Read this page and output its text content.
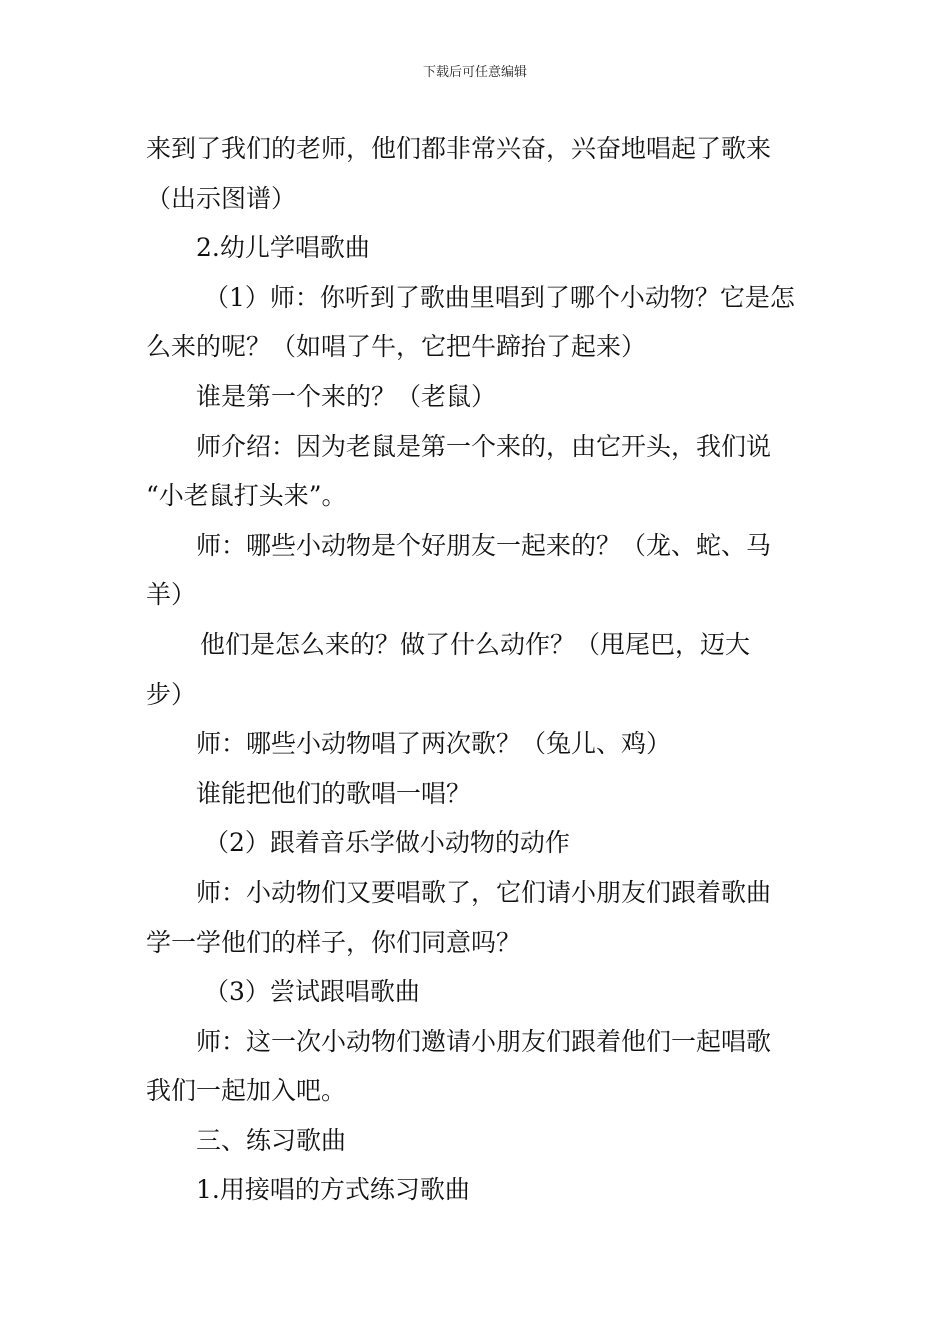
下载后可任意编辑
来到了我们的老师，他们都非常兴奋，兴奋地唱起了歌来
（出示图谱）
2.幼儿学唱歌曲
（1）师：你听到了歌曲里唱到了哪个小动物？它是怎
么来的呢？（如唱了牛，它把牛蹄抬了起来）
谁是第一个来的？（老鼠）
师介绍：因为老鼠是第一个来的，由它开头，我们说
“小老鼠打头来”。
师：哪些小动物是个好朋友一起来的？（龙、蛇、马
羊）
他们是怎么来的？做了什么动作？（甩尾巴，迈大
步）
师：哪些小动物唱了两次歌？（兔儿、鸡）
谁能把他们的歌唱一唱？
（2）跟着音乐学做小动物的动作
师：小动物们又要唱歌了，它们请小朋友们跟着歌曲
学一学他们的样子，你们同意吗？
（3）尝试跟唱歌曲
师：这一次小动物们邀请小朋友们跟着他们一起唱歌
我们一起加入吧。
三、练习歌曲
1.用接唱的方式练习歌曲
